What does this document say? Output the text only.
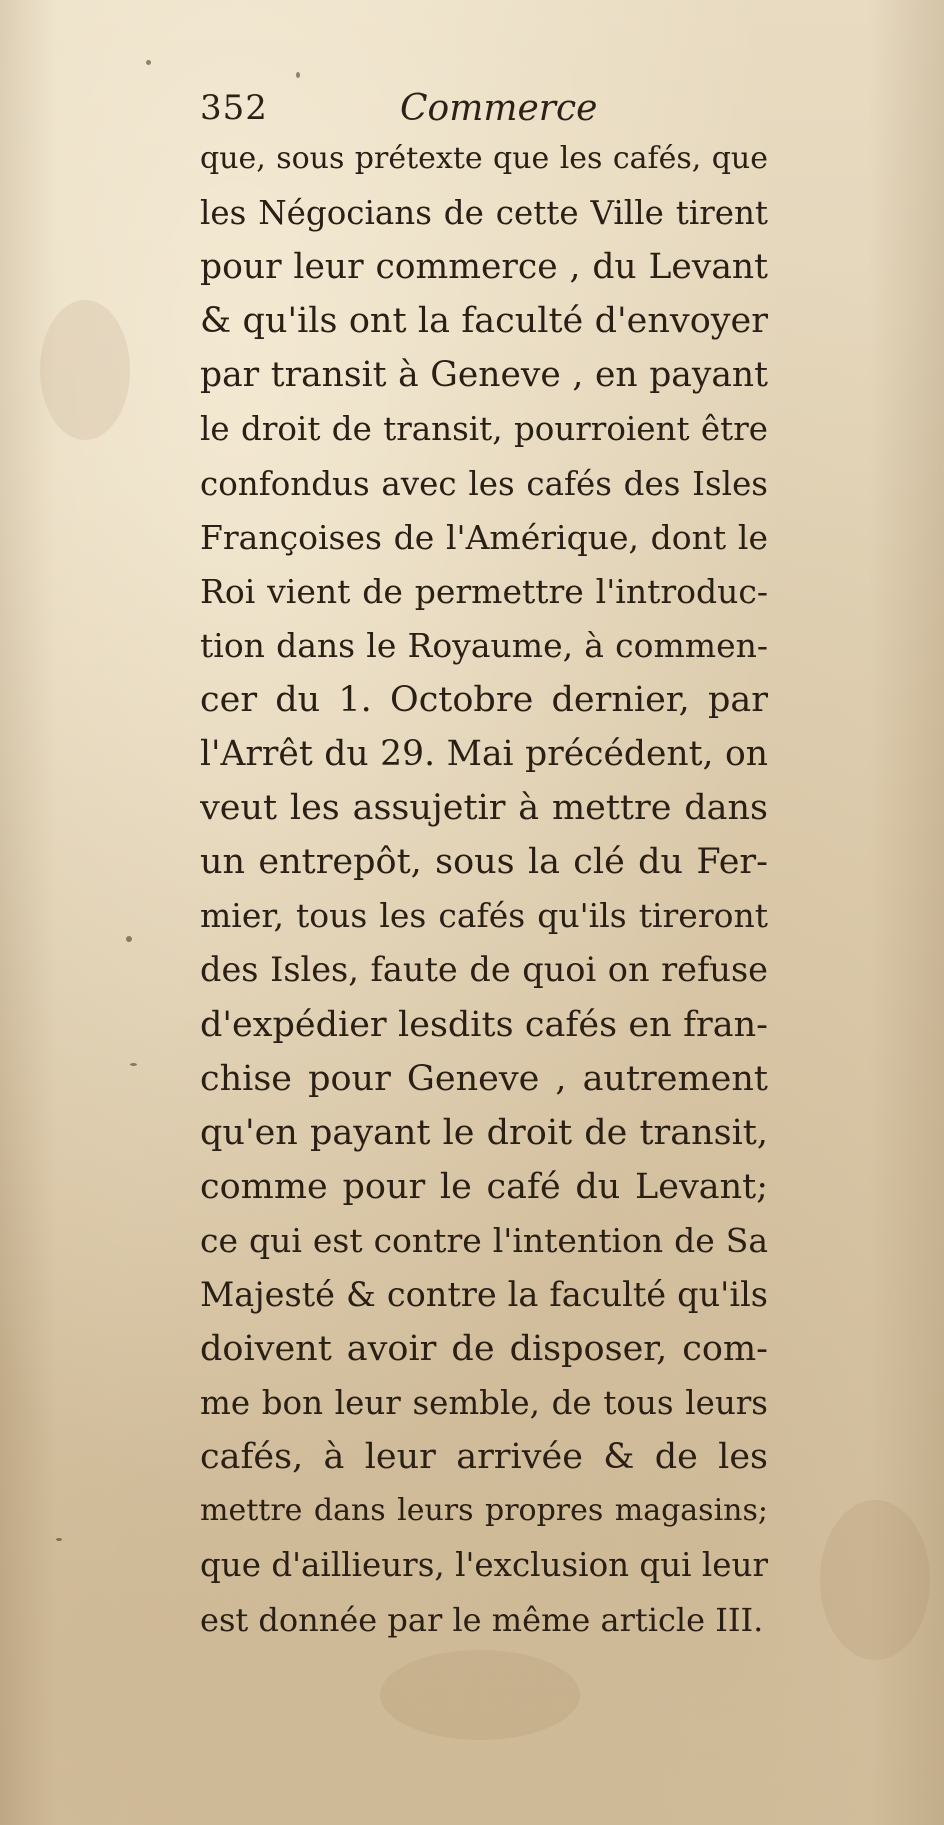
352	Commerce
que, sous prétexte que les cafés, que
les Négocians de cette Ville tirent
pour leur commerce , du Levant
& qu'ils ont la faculté d'envoyer
par transit à Geneve , en payant
le droit de transit, pourroient être
confondus avec les cafés des Isles
Françoises de l'Amérique, dont le
Roi vient de permettre l'introduc-
tion dans le Royaume, à commen-
cer du 1. Octobre dernier, par
l'Arrêt du 29. Mai précédent, on
veut les assujetir à mettre dans
un entrepôt, sous la clé du Fer-
mier, tous les cafés qu'ils tireront
des Isles, faute de quoi on refuse
d'expédier lesdits cafés en fran-
chise pour Geneve , autrement
qu'en payant le droit de transit,
comme pour le café du Levant;
ce qui est contre l'intention de Sa
Majesté & contre la faculté qu'ils
doivent avoir de disposer, com-
me bon leur semble, de tous leurs
cafés, à leur arrivée & de les
mettre dans leurs propres magasins;
que d'aillieurs, l'exclusion qui leur
est donnée par le même article III.
